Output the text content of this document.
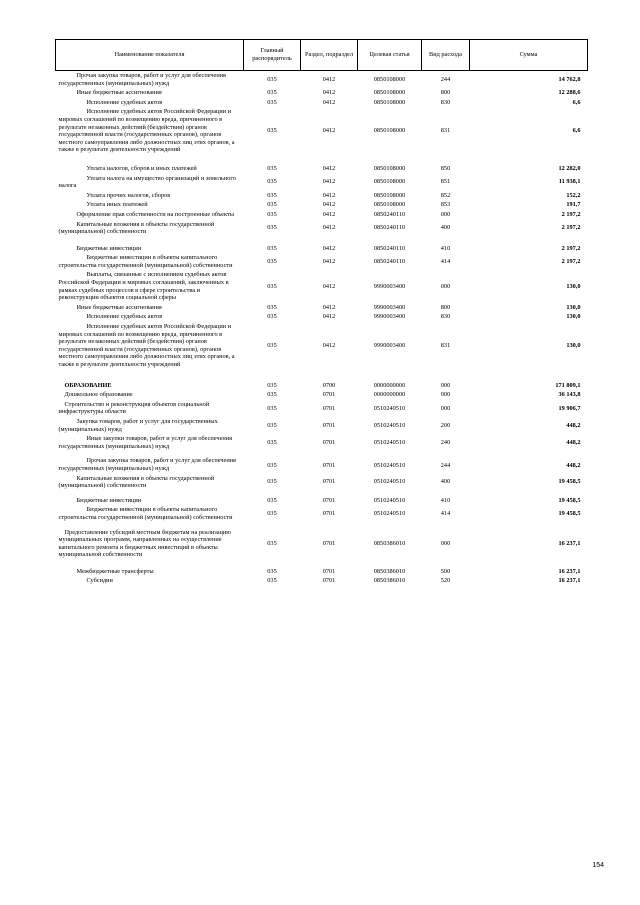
Наименование показателя	Главный распорядитель	Раздел, подраздел	Целевая статья	Вид расхода	Сумма
Прочая закупка товаров, работ и услуг для обеспечения государственных (муниципальных) нужд	035	0412	0850108000	244	14 762,8
Иные бюджетные ассигнования	035	0412	0850108000	800	12 288,6
Исполнение судебных актов	035	0412	0850108000	830	6,6
Исполнение судебных актов Российской Федерации и мировых соглашений по возмещению вреда, причиненного в результате незаконных действий (бездействия) органов государственной власти (государственных органов), органов местного самоуправления либо должностных лиц этих органов, а также в результате деятельности учреждений	035	0412	0850108000	831	6,6
Уплата налогов, сборов и иных платежей	035	0412	0850108000	850	12 282,0
Уплата налога на имущество организаций и земельного налога	035	0412	0850108000	851	11 938,1
Уплата прочих налогов, сборов	035	0412	0850108000	852	152,2
Уплата иных платежей	035	0412	0850108000	853	191,7
Оформление прав собственности на построенные объекты	035	0412	0850240110	000	2 197,2
Капитальные вложения в объекты государственной (муниципальной) собственности	035	0412	0850240110	400	2 197,2
Бюджетные инвестиции	035	0412	0850240110	410	2 197,2
Бюджетные инвестиции в объекты капитального строительства государственной (муниципальной) собственности	035	0412	0850240110	414	2 197,2
Выплаты, связанные с исполнением судебных актов Российской Федерации и мировых соглашений, заключенных в рамках судебных процессов в сфере строительства и реконструкции объектов социальной сферы	035	0412	9990003400	000	130,0
Иные бюджетные ассигнования	035	0412	9990003400	800	130,0
Исполнение судебных актов	035	0412	9990003400	830	130,0
Исполнение судебных актов Российской Федерации и мировых соглашений по возмещению вреда, причиненного в результате незаконных действий (бездействия) органов государственной власти (государственных органов), органов местного самоуправления либо должностных лиц этих органов, а также в результате деятельности учреждений	035	0412	9990003400	831	130,0
ОБРАЗОВАНИЕ	035	0700	0000000000	000	171 809,1
Дошкольное образование	035	0701	0000000000	000	36 143,8
Строительство и реконструкция объектов социальной инфраструктуры области	035	0701	0510240510	000	19 906,7
Закупка товаров, работ и услуг для государственных (муниципальных) нужд	035	0701	0510240510	200	448,2
Иные закупки товаров, работ и услуг для обеспечения государственных (муниципальных) нужд	035	0701	0510240510	240	448,2
Прочая закупка товаров, работ и услуг для обеспечения государственных (муниципальных) нужд	035	0701	0510240510	244	448,2
Капитальные вложения в объекты государственной (муниципальной) собственности	035	0701	0510240510	400	19 458,5
Бюджетные инвестиции	035	0701	0510240510	410	19 458,5
Бюджетные инвестиции в объекты капитального строительства государственной (муниципальной) собственности	035	0701	0510240510	414	19 458,5
Предоставление субсидий местным бюджетам на реализацию муниципальных программ, направленных на осуществление капитального ремонта и бюджетных инвестиций в объекты муниципальной собственности	035	0701	0850386010	000	16 237,1
Межбюджетные трансферты	035	0701	0850386010	500	16 237,1
Субсидии	035	0701	0850386010	520	16 237,1
154
